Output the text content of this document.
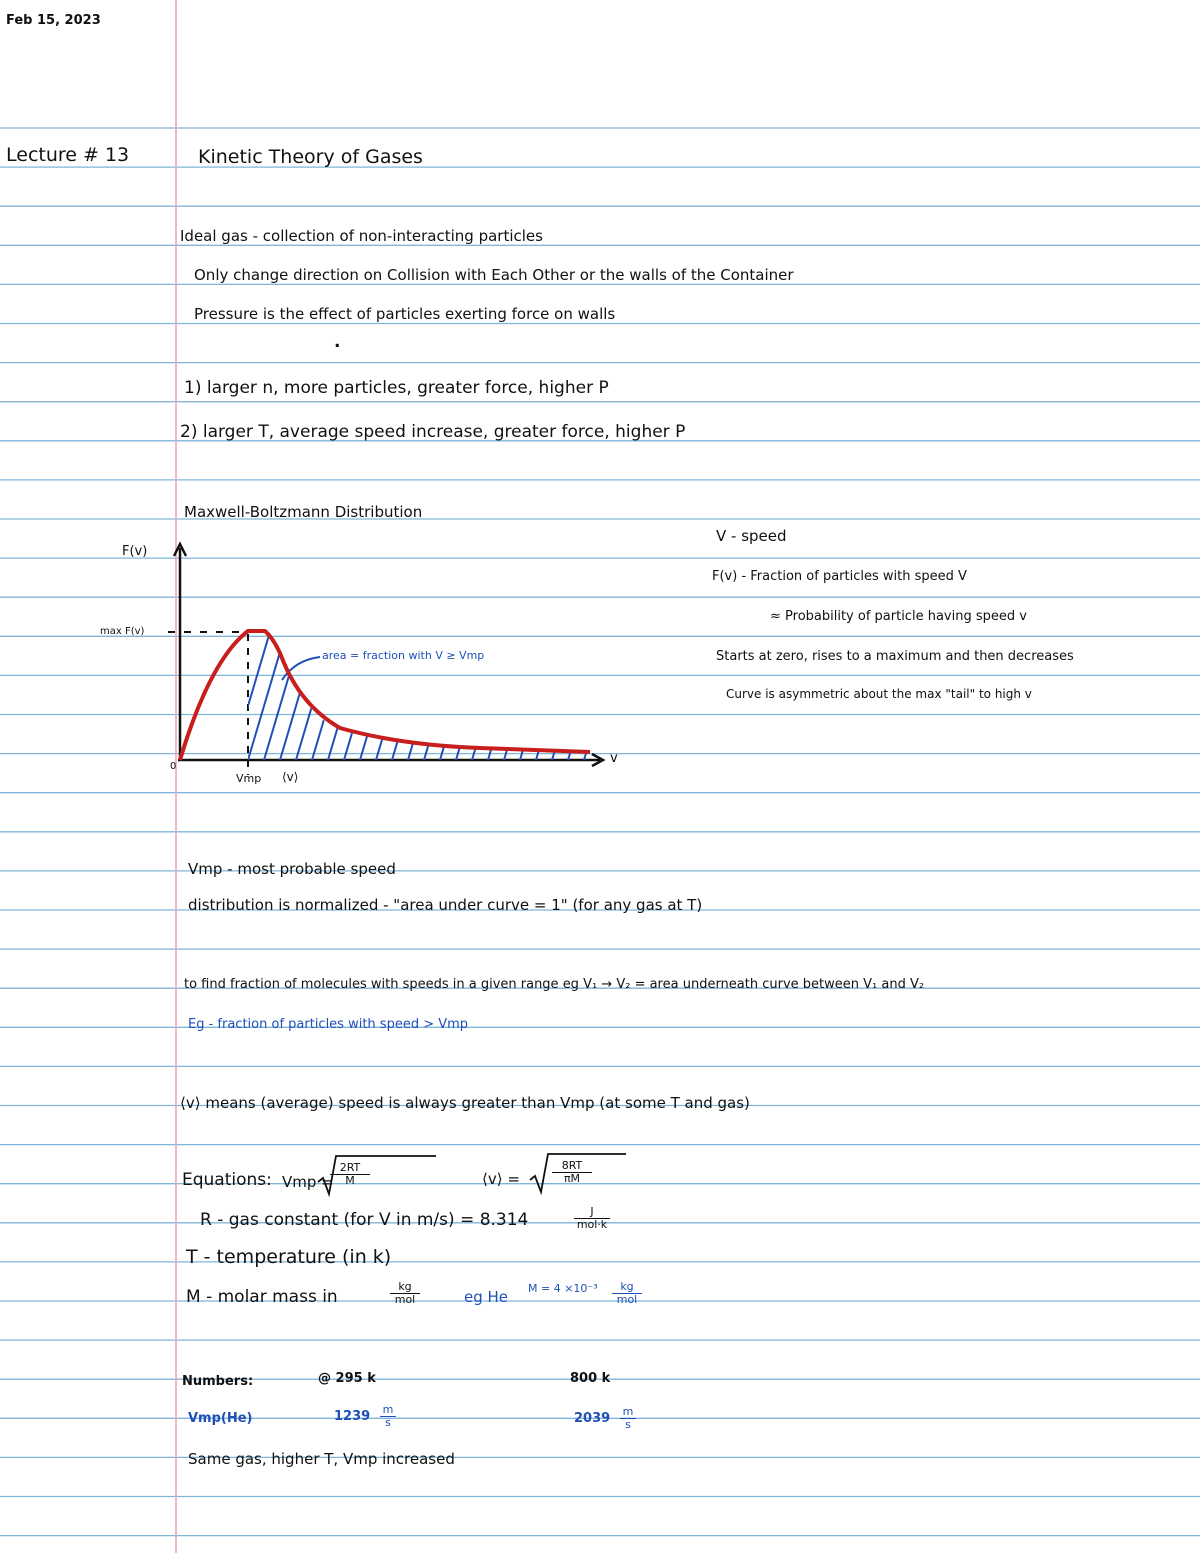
Feb 15, 2023
Lecture # 13	Kinetic Theory of Gases
Ideal gas - collection of non-interacting particles
Only change direction on Collision with Each Other or the walls of the Container
Pressure is the effect of particles exerting force on walls
.
1) larger n, more particles, greater force, higher P
2) larger T, average speed increase, greater force, higher P
Maxwell-Boltzmann Distribution
F(v)
max F(v)
area = fraction with V ≥ Vmp
0
Vmp ⟨v⟩
v
V - speed
F(v) - Fraction of particles with speed V
≈ Probability of particle having speed v
Starts at zero, rises to a maximum and then decreases
Curve is asymmetric about the max "tail" to high v
Vmp - most probable speed
distribution is normalized - "area under curve = 1" (for any gas at T)
to find fraction of molecules with speeds in a given range eg V₁ → V₂ = area underneath curve between V₁ and V₂
Eg - fraction of particles with speed > Vmp
⟨v⟩ means (average) speed is always greater than Vmp (at some T and gas)
Equations: Vmp =
$\frac{2RT}{M}$	⟨v⟩ =	$\frac{8RT}{\pi M}$
R - gas constant (for V in m/s) = 8.314	J
mol·k
T - temperature (in k)
M - molar mass in
kg
mol	eg He M = 4 ×10⁻³	kg
mol
Numbers:	@ 295 k	800 k
Vmp(He)	$1239 \frac{m}{s}$	$2039 \frac{m}{s}$
Same gas, higher T, Vmp increased
